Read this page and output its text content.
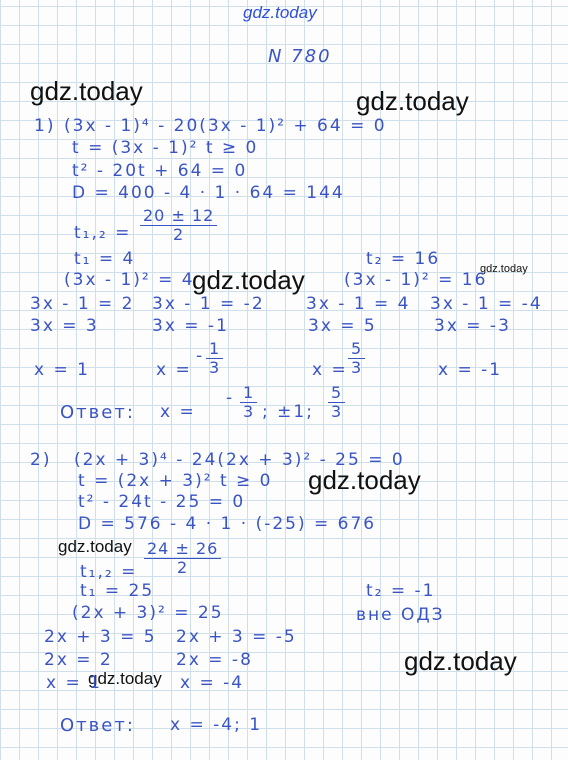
gdz.today
gdz.today	gdz.today
gdz.today	gdz.today
gdz.today
gdz.today
gdz.today
gdz.today
N 780
1) (3x - 1)⁴ - 20(3x - 1)² + 64 = 0
t = (3x - 1)² t ≥ 0
t² - 20t + 64 = 0
D = 400 - 4 · 1 · 64 = 144
$t_1,_2 = \frac{20 \pm 12}{2}$
t₁ = 4	t₂ = 16
(3x - 1)² = 4	(3x - 1)² = 16
3x - 1 = 2 3x - 1 = -2 3x - 1 = 4 3x - 1 = -4
3x = 3	3x = -1	3x = 5	3x = -3
x = 1	x =
- $\frac{1}{3}$	$x = \frac{5}{3}$	x = -1
Ответ: x =
- $\frac{1}{3}$ ; ±1; $\frac{5}{3}$
2) (2x + 3)⁴ - 24(2x + 3)² - 25 = 0
t = (2x + 3)² t ≥ 0
t² - 24t - 25 = 0
D = 576 - 4 · 1 · (-25) = 676
$\frac{24 \pm 26}{2}$
t₁,₂ =
t₁ = 25	t₂ = -1
(2x + 3)² = 25	вне ОДЗ
2x + 3 = 5 2x + 3 = -5
2x = 2	2x = -8
x = 1	x = -4
Ответ: x = -4; 1
